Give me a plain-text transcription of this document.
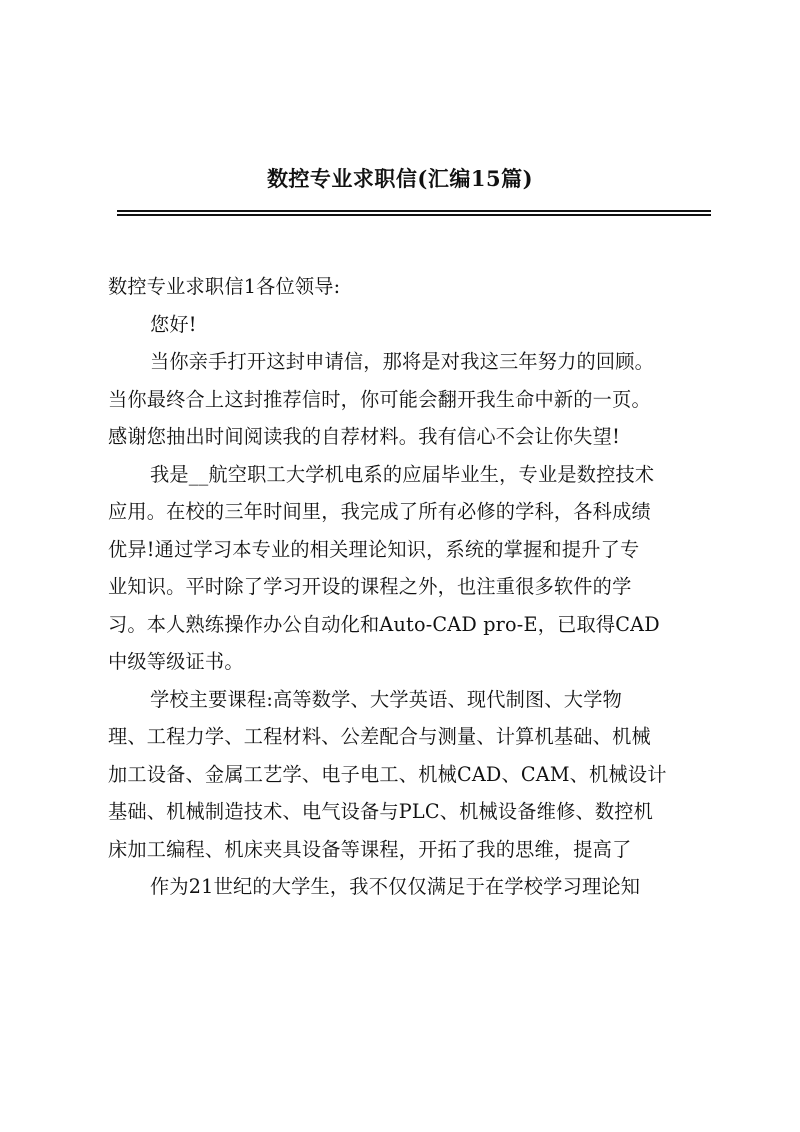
数控专业求职信(汇编15篇)
数控专业求职信1各位领导:
您好!
当你亲手打开这封申请信，那将是对我这三年努力的回顾。
当你最终合上这封推荐信时，你可能会翻开我生命中新的一页。
感谢您抽出时间阅读我的自荐材料。我有信心不会让你失望!
我是__航空职工大学机电系的应届毕业生，专业是数控技术
应用。在校的三年时间里，我完成了所有必修的学科，各科成绩
优异!通过学习本专业的相关理论知识，系统的掌握和提升了专
业知识。平时除了学习开设的课程之外，也注重很多软件的学
习。本人熟练操作办公自动化和Auto-CAD pro-E，已取得CAD
中级等级证书。
学校主要课程:高等数学、大学英语、现代制图、大学物
理、工程力学、工程材料、公差配合与测量、计算机基础、机械
加工设备、金属工艺学、电子电工、机械CAD、CAM、机械设计
基础、机械制造技术、电气设备与PLC、机械设备维修、数控机
床加工编程、机床夹具设备等课程，开拓了我的思维，提高了
作为21世纪的大学生，我不仅仅满足于在学校学习理论知
